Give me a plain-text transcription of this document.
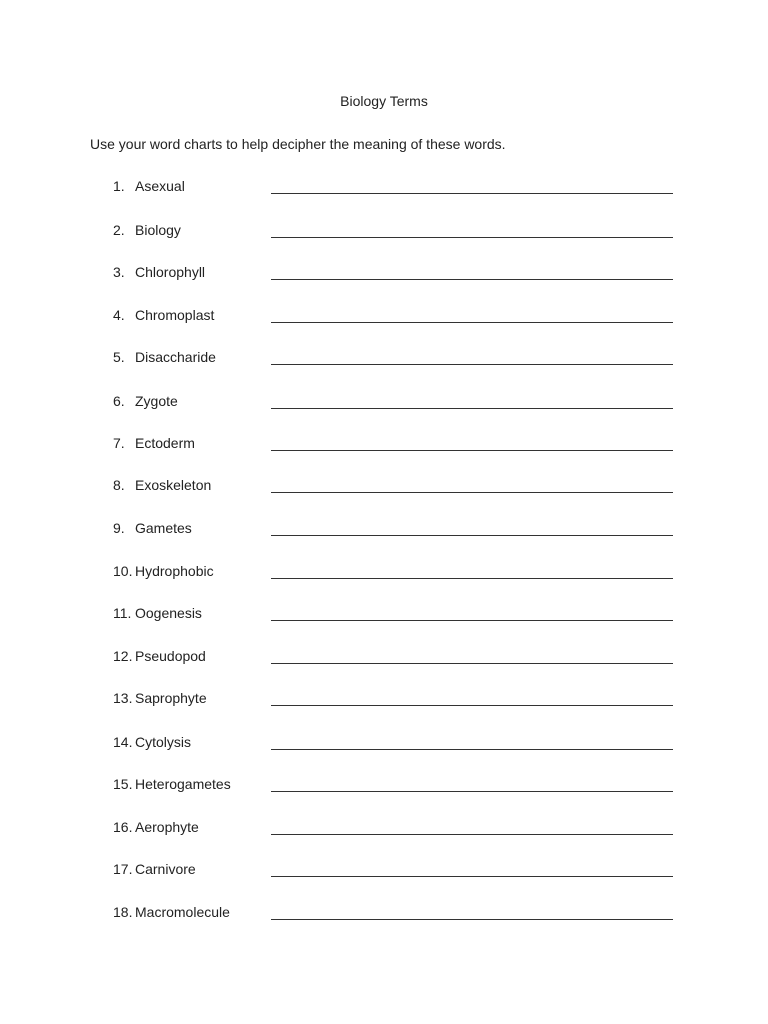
Biology Terms
Use your word charts to help decipher the meaning of these words.
1. Asexual
2. Biology
3. Chlorophyll
4. Chromoplast
5. Disaccharide
6. Zygote
7. Ectoderm
8. Exoskeleton
9. Gametes
10. Hydrophobic
11. Oogenesis
12. Pseudopod
13. Saprophyte
14. Cytolysis
15. Heterogametes
16. Aerophyte
17. Carnivore
18. Macromolecule
